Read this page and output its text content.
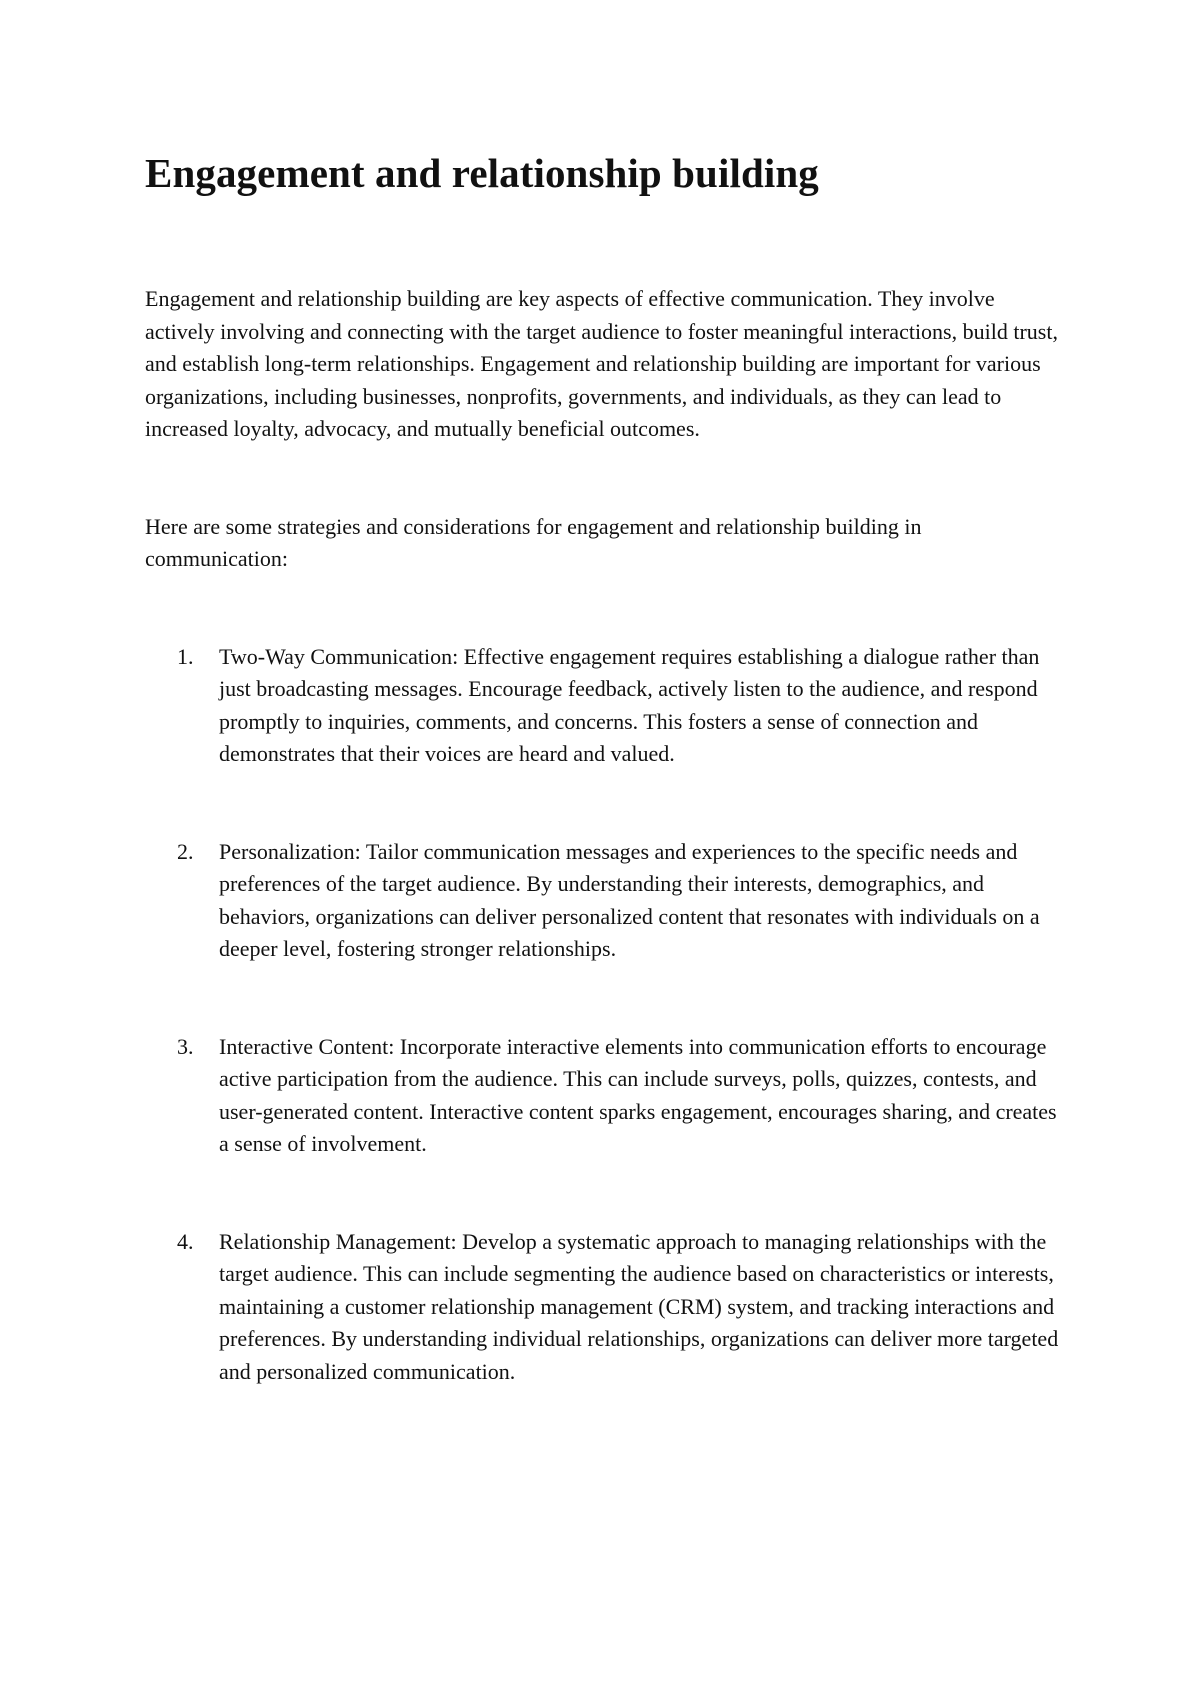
Engagement and relationship building

Engagement and relationship building are key aspects of effective communication. They involve actively involving and connecting with the target audience to foster meaningful interactions, build trust, and establish long-term relationships. Engagement and relationship building are important for various organizations, including businesses, nonprofits, governments, and individuals, as they can lead to increased loyalty, advocacy, and mutually beneficial outcomes.

Here are some strategies and considerations for engagement and relationship building in communication:

1. Two-Way Communication: Effective engagement requires establishing a dialogue rather than just broadcasting messages. Encourage feedback, actively listen to the audience, and respond promptly to inquiries, comments, and concerns. This fosters a sense of connection and demonstrates that their voices are heard and valued.
2. Personalization: Tailor communication messages and experiences to the specific needs and preferences of the target audience. By understanding their interests, demographics, and behaviors, organizations can deliver personalized content that resonates with individuals on a deeper level, fostering stronger relationships.
3. Interactive Content: Incorporate interactive elements into communication efforts to encourage active participation from the audience. This can include surveys, polls, quizzes, contests, and user-generated content. Interactive content sparks engagement, encourages sharing, and creates a sense of involvement.
4. Relationship Management: Develop a systematic approach to managing relationships with the target audience. This can include segmenting the audience based on characteristics or interests, maintaining a customer relationship management (CRM) system, and tracking interactions and preferences. By understanding individual relationships, organizations can deliver more targeted and personalized communication.
